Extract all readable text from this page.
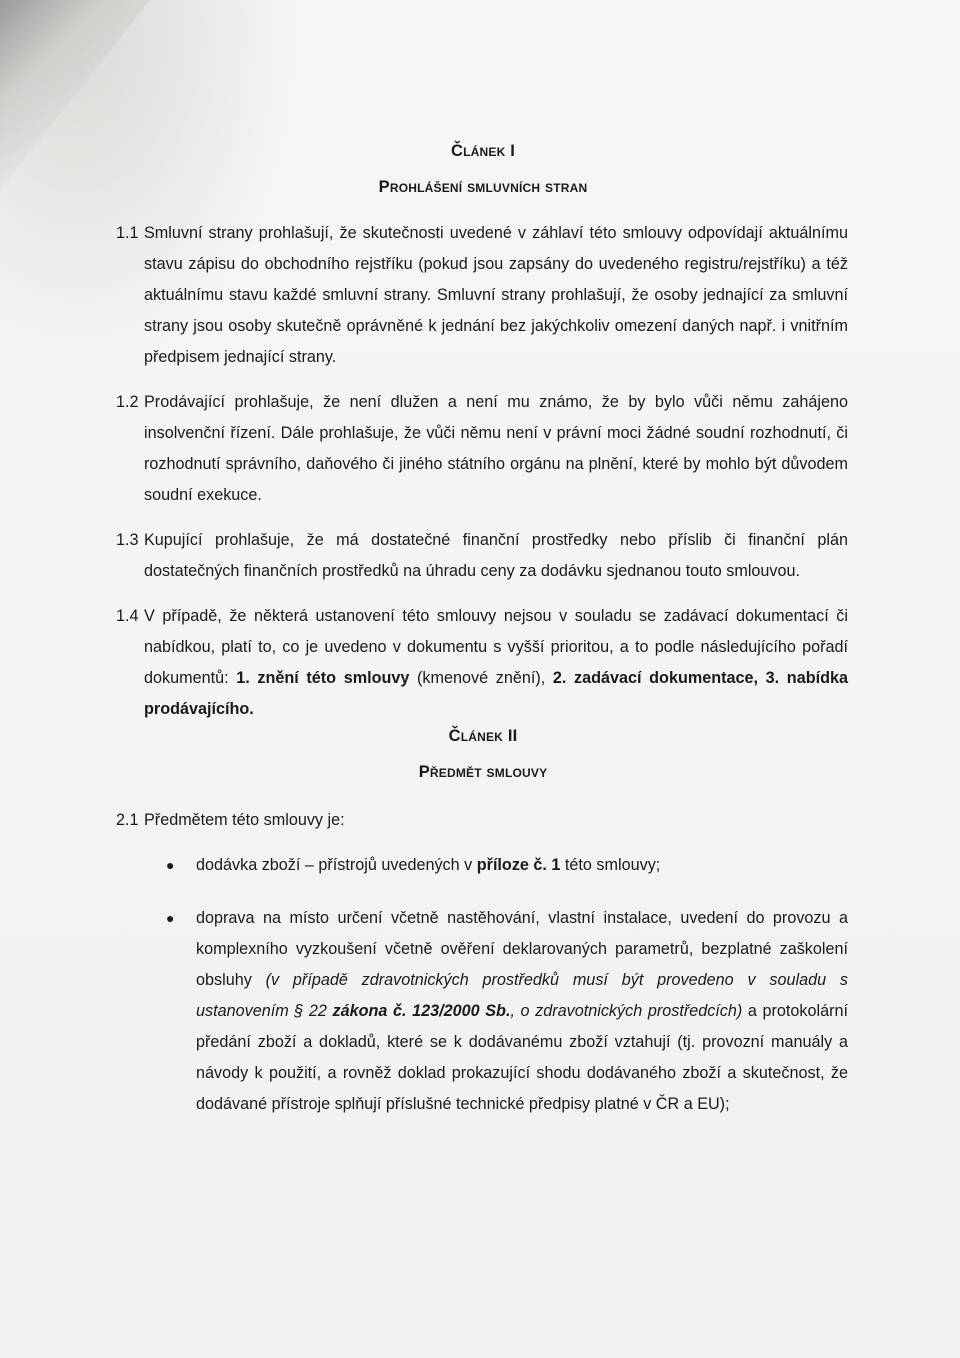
Článek I
Prohlášení smluvních stran

1.1 Smluvní strany prohlašují, že skutečnosti uvedené v záhlaví této smlouvy odpovídají aktuálnímu stavu zápisu do obchodního rejstříku (pokud jsou zapsány do uvedeného registru/rejstříku) a též aktuálnímu stavu každé smluvní strany. Smluvní strany prohlašují, že osoby jednající za smluvní strany jsou osoby skutečně oprávněné k jednání bez jakýchkoliv omezení daných např. i vnitřním předpisem jednající strany.

1.2 Prodávající prohlašuje, že není dlužen a není mu známo, že by bylo vůči němu zahájeno insolvenční řízení. Dále prohlašuje, že vůči němu není v právní moci žádné soudní rozhodnutí, či rozhodnutí správního, daňového či jiného státního orgánu na plnění, které by mohlo být důvodem soudní exekuce.

1.3 Kupující prohlašuje, že má dostatečné finanční prostředky nebo příslib či finanční plán dostatečných finančních prostředků na úhradu ceny za dodávku sjednanou touto smlouvou.

1.4 V případě, že některá ustanovení této smlouvy nejsou v souladu se zadávací dokumentací či nabídkou, platí to, co je uvedeno v dokumentu s vyšší prioritou, a to podle následujícího pořadí dokumentů: 1. znění této smlouvy (kmenové znění), 2. zadávací dokumentace, 3. nabídka prodávajícího.

Článek II
Předmět smlouvy

2.1 Předmětem této smlouvy je:

● dodávka zboží – přístrojů uvedených v příloze č. 1 této smlouvy;
● doprava na místo určení včetně nastěhování, vlastní instalace, uvedení do provozu a komplexního vyzkoušení včetně ověření deklarovaných parametrů, bezplatné zaškolení obsluhy (v případě zdravotnických prostředků musí být provedeno v souladu s ustanovením § 22 zákona č. 123/2000 Sb., o zdravotnických prostředcích) a protokolární předání zboží a dokladů, které se k dodávanému zboží vztahují (tj. provozní manuály a návody k použití, a rovněž doklad prokazující shodu dodávaného zboží a skutečnost, že dodávané přístroje splňují příslušné technické předpisy platné v ČR a EU);
